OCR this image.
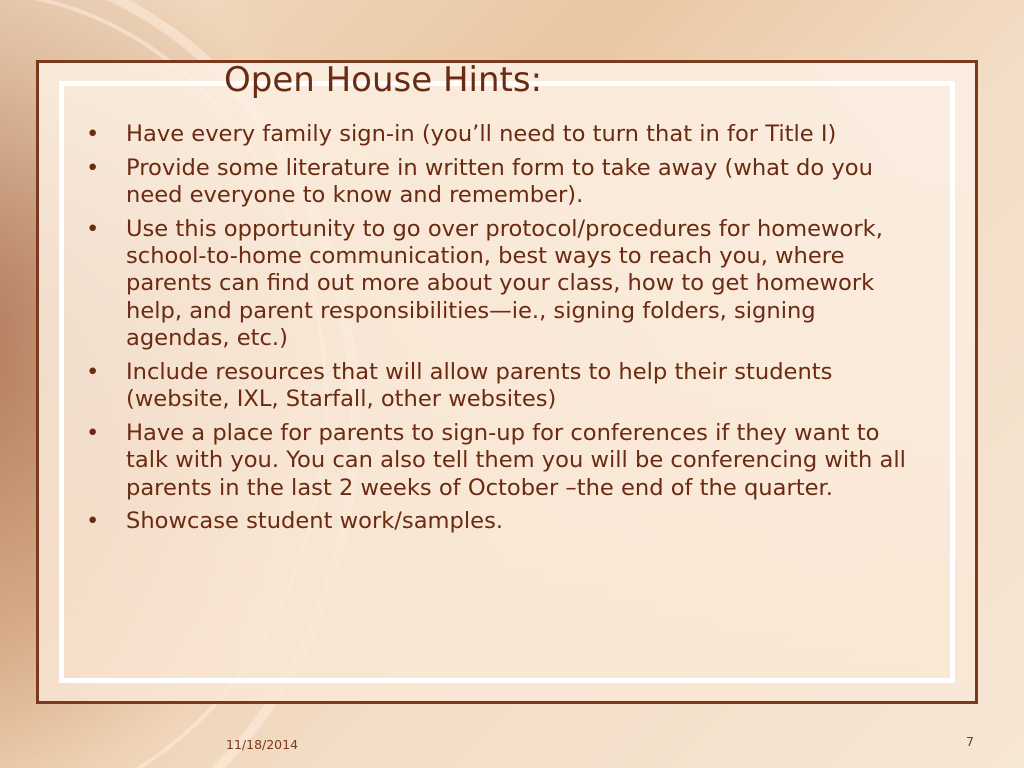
Open House Hints:
• Have every family sign-in (you’ll need to turn that in for Title I)
• Provide some literature in written form to take away (what do you need everyone to know and remember).
• Use this opportunity to go over protocol/procedures for homework, school-to-home communication, best ways to reach you, where parents can find out more about your class, how to get homework help, and parent responsibilities—ie., signing folders, signing agendas, etc.)
• Include resources that will allow parents to help their students (website, IXL, Starfall, other websites)
• Have a place for parents to sign-up for conferences if they want to talk with you. You can also tell them you will be conferencing with all parents in the last 2 weeks of October –the end of the quarter.
• Showcase student work/samples.
11/18/2014	7
